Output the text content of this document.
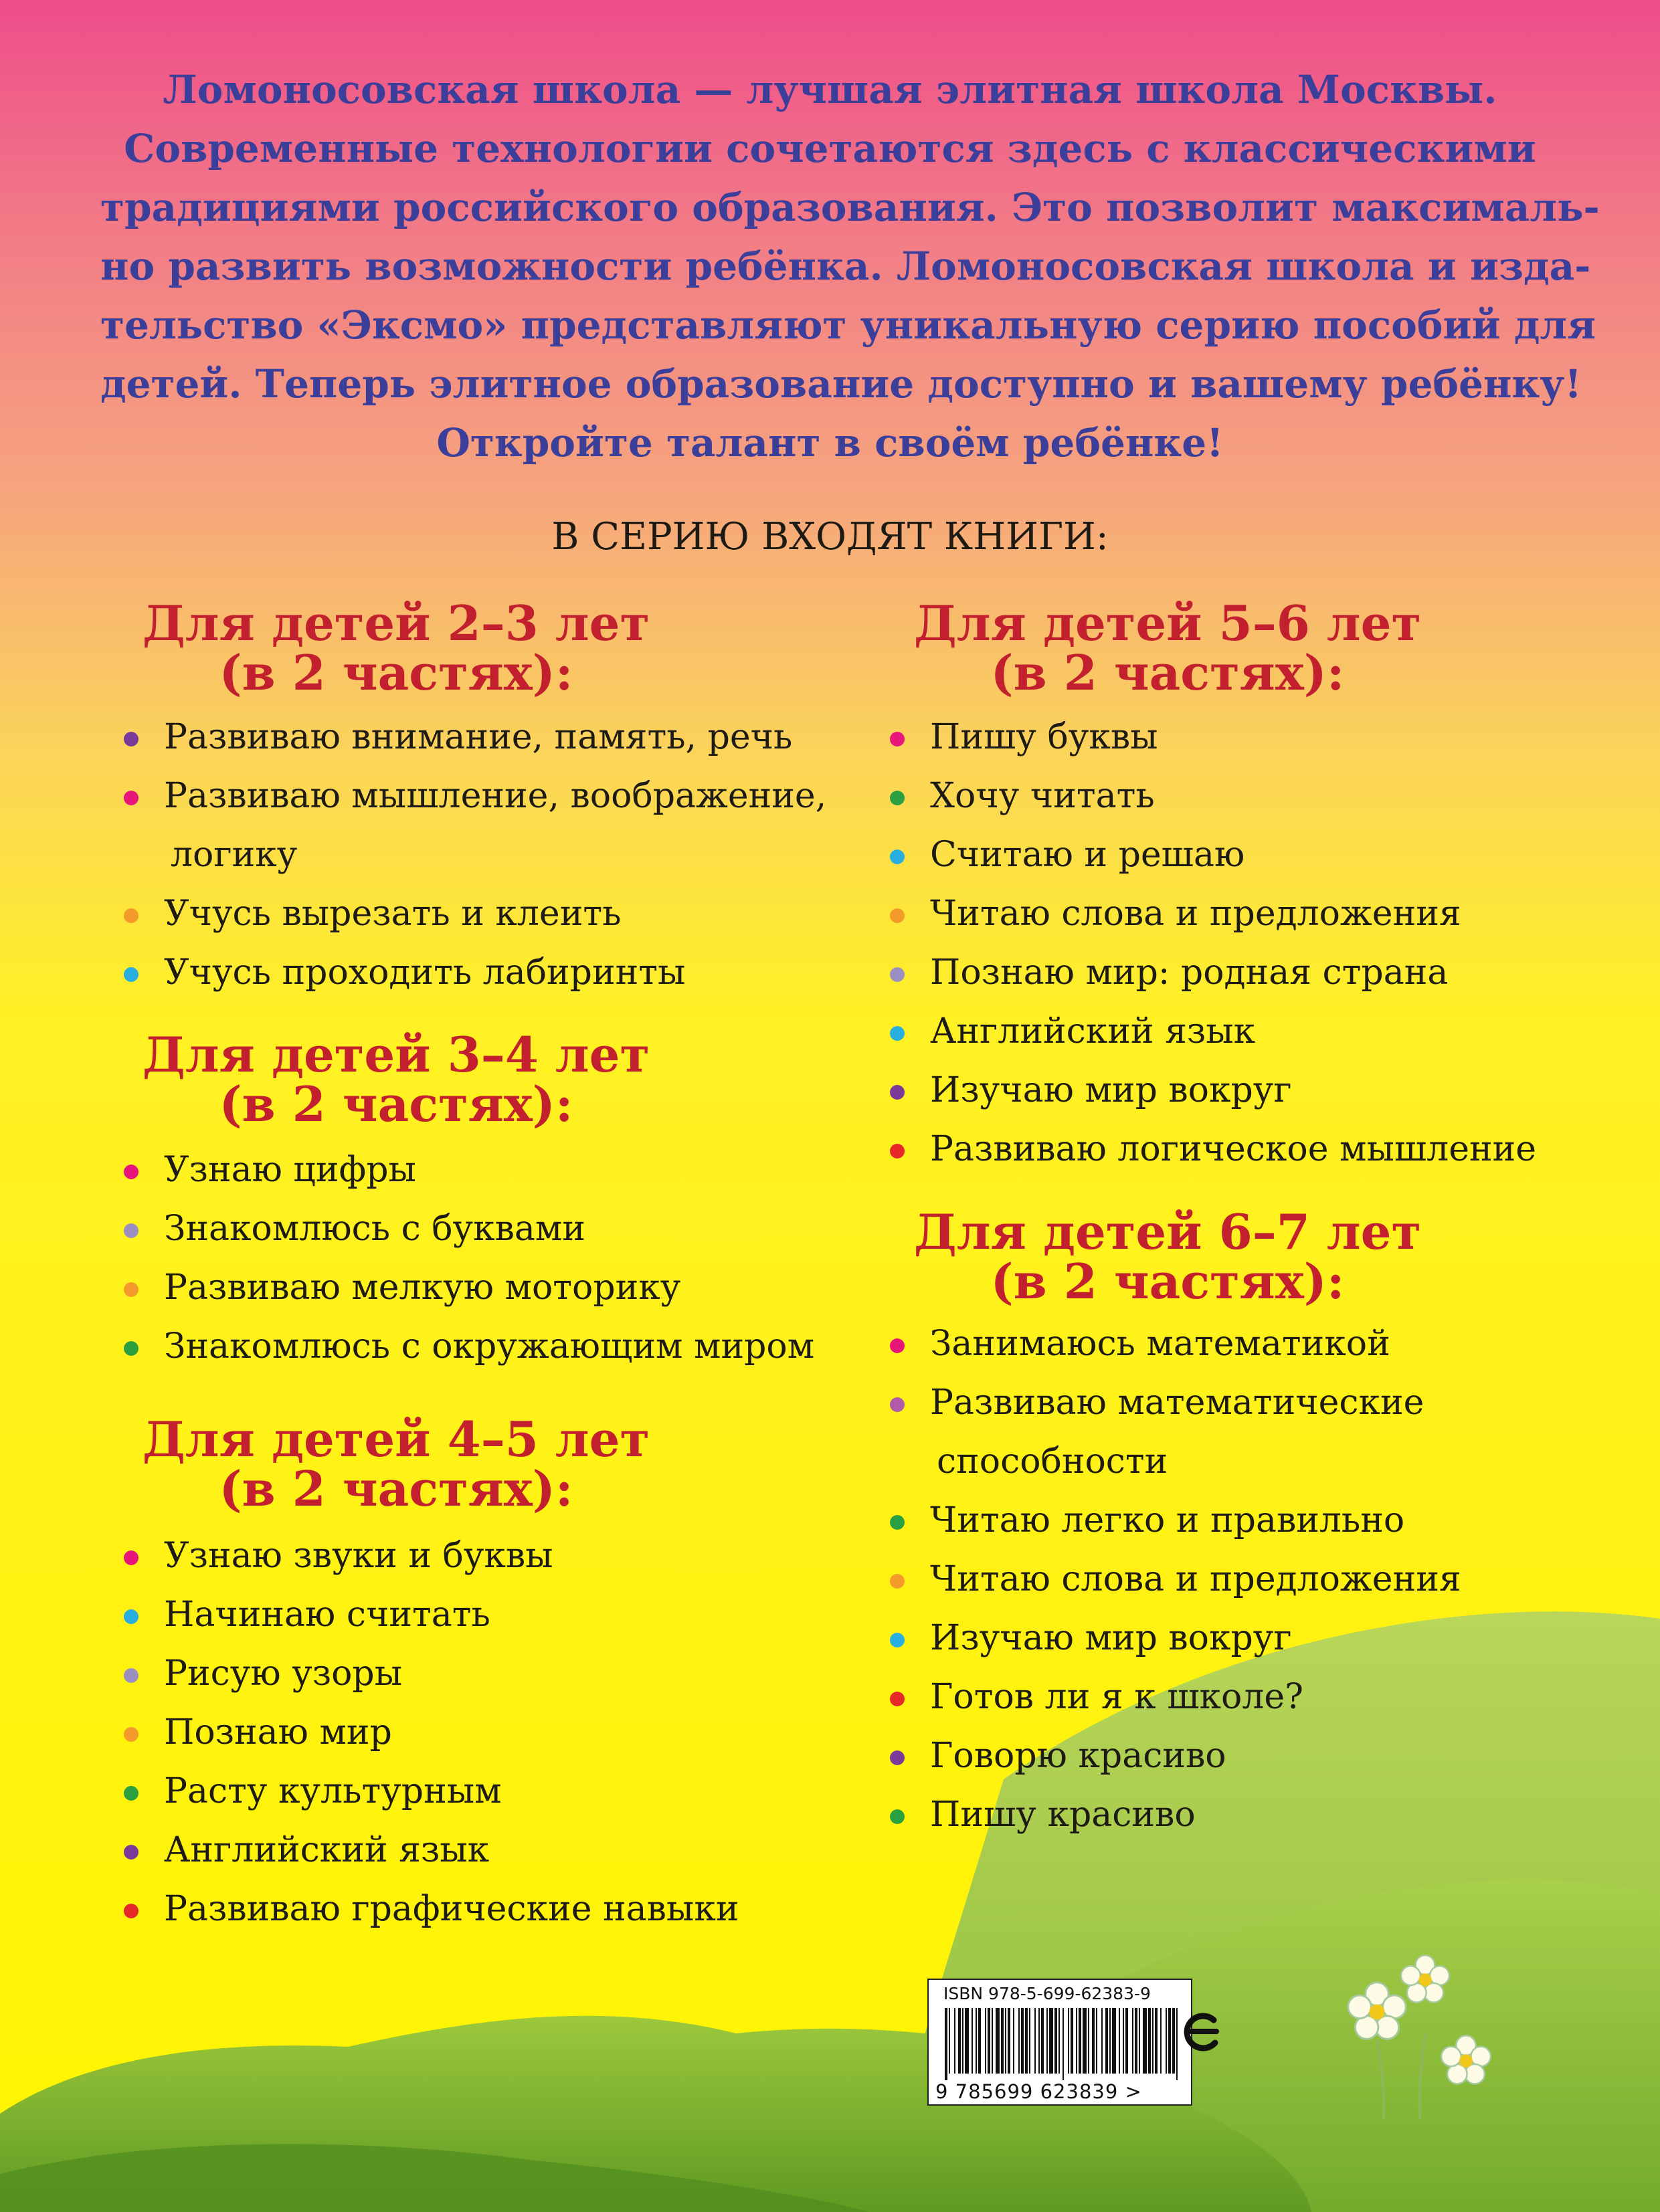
Ломоносовская школа — лучшая элитная школа Москвы.
Современные технологии сочетаются здесь с классическими
традициями российского образования. Это позволит максималь-
но развить возможности ребёнка. Ломоносовская школа и изда-
тельство «Эксмо» представляют уникальную серию пособий для
детей. Теперь элитное образование доступно и вашему ребёнку!
Откройте талант в своём ребёнке!

В СЕРИЮ ВХОДЯТ КНИГИ:
Для детей 2–3 лет
(в 2 частях):
Развиваю внимание, память, речь
Развиваю мышление, воображение,
логику
Учусь вырезать и клеить
Учусь проходить лабиринты
Для детей 3–4 лет
(в 2 частях):
Узнаю цифры
Знакомлюсь с буквами
Развиваю мелкую моторику
Знакомлюсь с окружающим миром
Для детей 4–5 лет
(в 2 частях):
Узнаю звуки и буквы
Начинаю считать
Рисую узоры
Познаю мир
Расту культурным
Английский язык
Развиваю графические навыки
Для детей 5–6 лет
(в 2 частях):
Пишу буквы
Хочу читать
Считаю и решаю
Читаю слова и предложения
Познаю мир: родная страна
Английский язык
Изучаю мир вокруг
Развиваю логическое мышление
Для детей 6–7 лет
(в 2 частях):
Занимаюсь математикой
Развиваю математические
способности
Читаю легко и правильно
Читаю слова и предложения
Изучаю мир вокруг
Готов ли я к школе?
Говорю красиво
Пишу красиво
ISBN 978-5-699-62383-9
9 785699 623839 >
